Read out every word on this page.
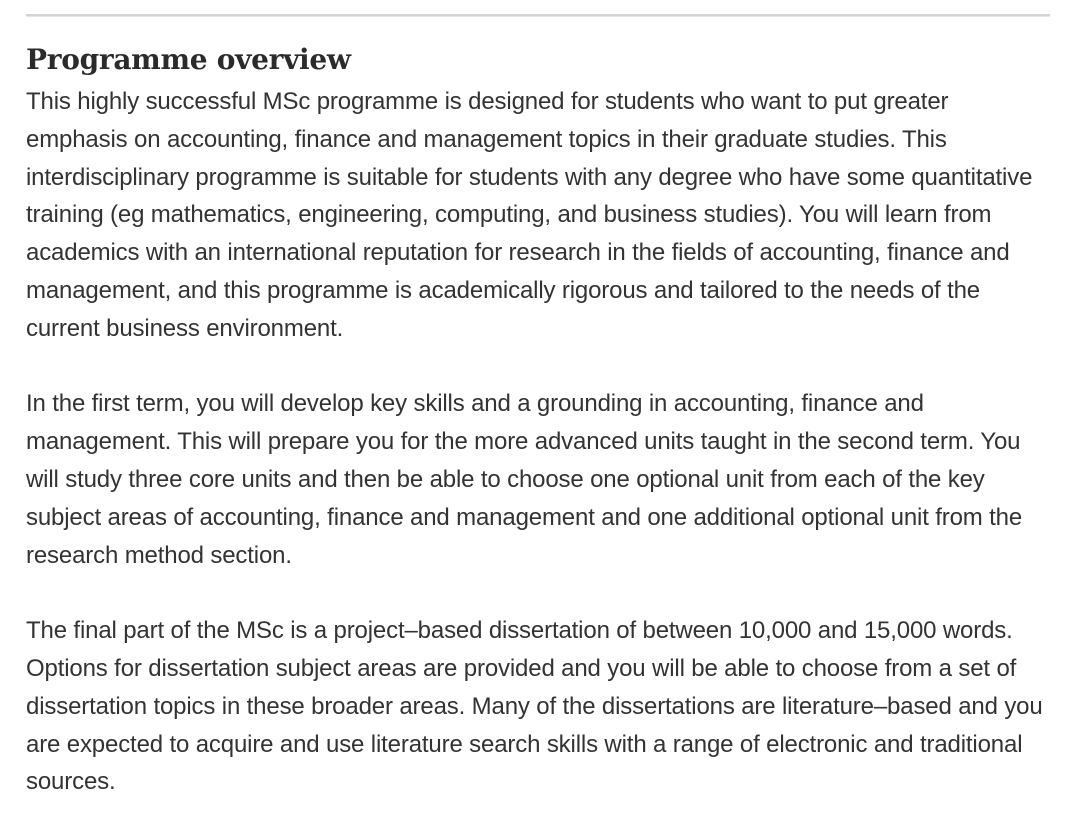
Programme overview

This highly successful MSc programme is designed for students who want to put greater emphasis on accounting, finance and management topics in their graduate studies. This interdisciplinary programme is suitable for students with any degree who have some quantitative training (eg mathematics, engineering, computing, and business studies). You will learn from academics with an international reputation for research in the fields of accounting, finance and management, and this programme is academically rigorous and tailored to the needs of the current business environment.

In the first term, you will develop key skills and a grounding in accounting, finance and management. This will prepare you for the more advanced units taught in the second term. You will study three core units and then be able to choose one optional unit from each of the key subject areas of accounting, finance and management and one additional optional unit from the research method section.

The final part of the MSc is a project–based dissertation of between 10,000 and 15,000 words. Options for dissertation subject areas are provided and you will be able to choose from a set of dissertation topics in these broader areas. Many of the dissertations are literature–based and you are expected to acquire and use literature search skills with a range of electronic and traditional sources.
